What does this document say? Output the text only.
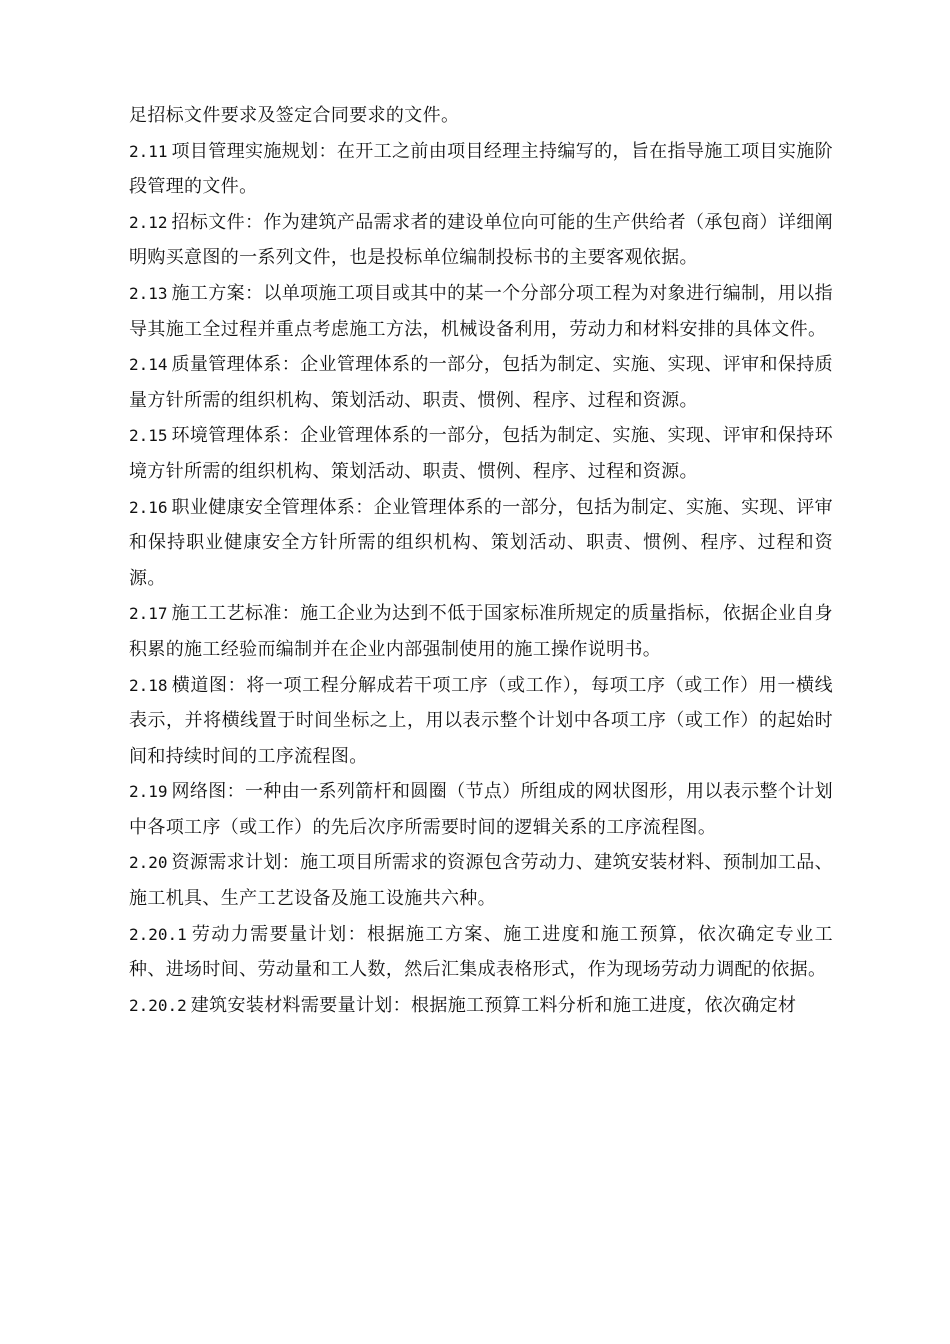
足招标文件要求及签定合同要求的文件。

2.11 项目管理实施规划：在开工之前由项目经理主持编写的，旨在指导施工项目实施阶段管理的文件。

2.12 招标文件：作为建筑产品需求者的建设单位向可能的生产供给者（承包商）详细阐明购买意图的一系列文件，也是投标单位编制投标书的主要客观依据。

2.13 施工方案：以单项施工项目或其中的某一个分部分项工程为对象进行编制，用以指导其施工全过程并重点考虑施工方法，机械设备利用，劳动力和材料安排的具体文件。

2.14 质量管理体系：企业管理体系的一部分，包括为制定、实施、实现、评审和保持质量方针所需的组织机构、策划活动、职责、惯例、程序、过程和资源。

2.15 环境管理体系：企业管理体系的一部分，包括为制定、实施、实现、评审和保持环境方针所需的组织机构、策划活动、职责、惯例、程序、过程和资源。

2.16 职业健康安全管理体系：企业管理体系的一部分，包括为制定、实施、实现、评审和保持职业健康安全方针所需的组织机构、策划活动、职责、惯例、程序、过程和资源。

2.17 施工工艺标准：施工企业为达到不低于国家标准所规定的质量指标，依据企业自身积累的施工经验而编制并在企业内部强制使用的施工操作说明书。

2.18 横道图：将一项工程分解成若干项工序（或工作），每项工序（或工作）用一横线表示，并将横线置于时间坐标之上，用以表示整个计划中各项工序（或工作）的起始时间和持续时间的工序流程图。

2.19 网络图：一种由一系列箭杆和圆圈（节点）所组成的网状图形，用以表示整个计划中各项工序（或工作）的先后次序所需要时间的逻辑关系的工序流程图。

2.20 资源需求计划：施工项目所需求的资源包含劳动力、建筑安装材料、预制加工品、施工机具、生产工艺设备及施工设施共六种。

2.20.1 劳动力需要量计划：根据施工方案、施工进度和施工预算，依次确定专业工种、进场时间、劳动量和工人数，然后汇集成表格形式，作为现场劳动力调配的依据。

2.20.2 建筑安装材料需要量计划：根据施工预算工料分析和施工进度，依次确定材
